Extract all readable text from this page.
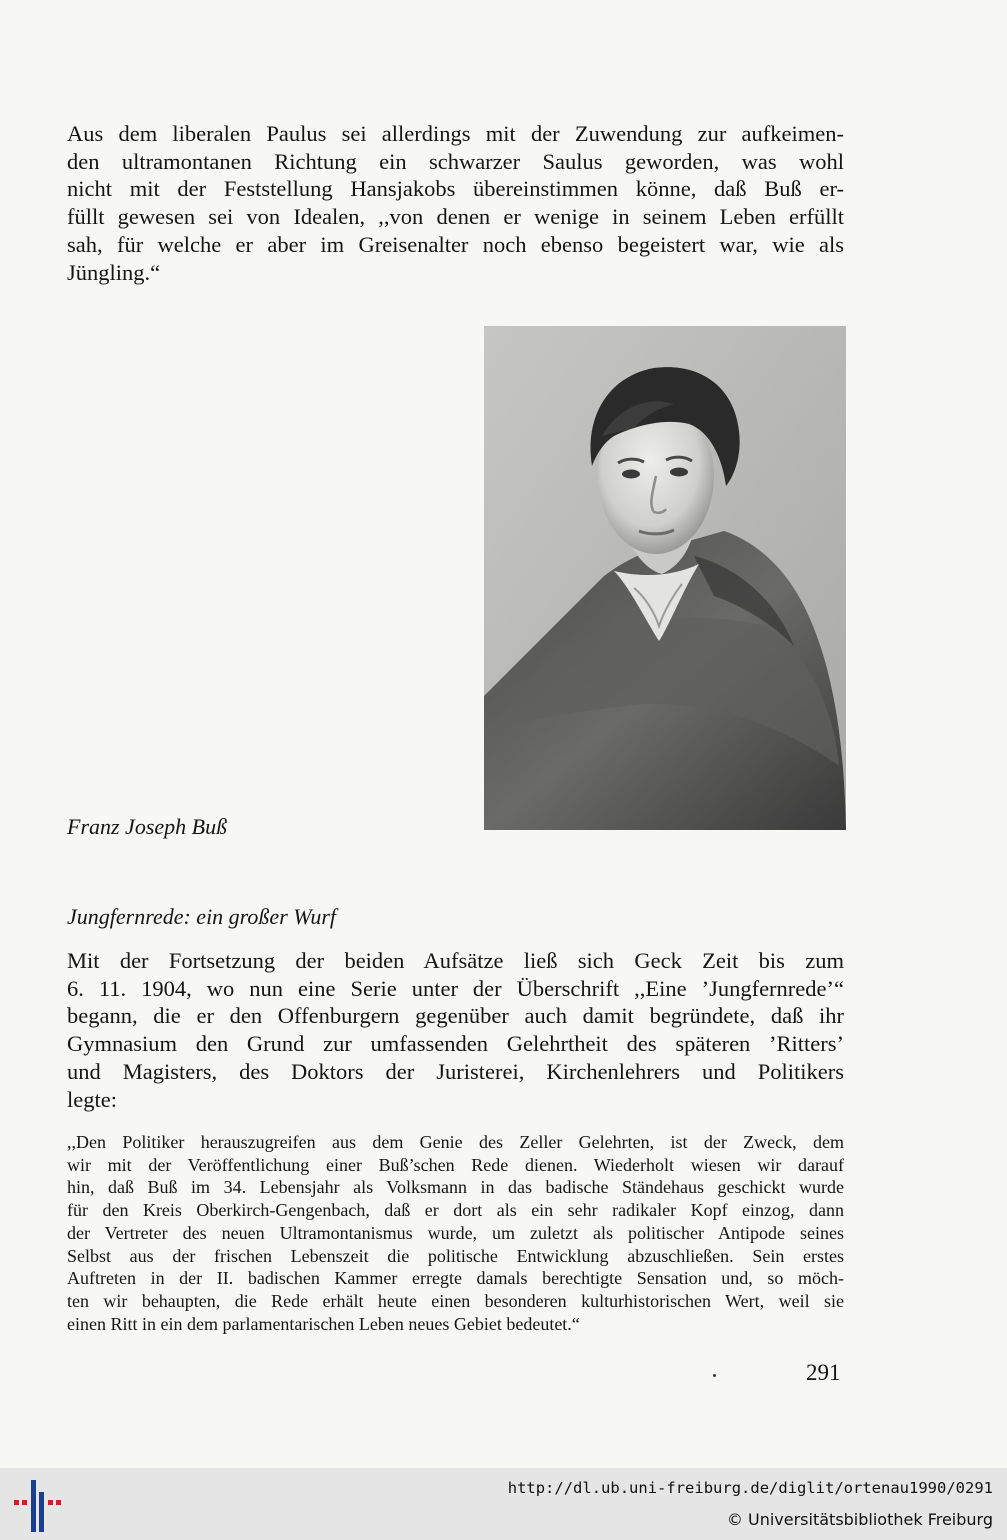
Aus dem liberalen Paulus sei allerdings mit der Zuwendung zur aufkeimen-
den ultramontanen Richtung ein schwarzer Saulus geworden, was wohl
nicht mit der Feststellung Hansjakobs übereinstimmen könne, daß Buß er-
füllt gewesen sei von Idealen, ,,von denen er wenige in seinem Leben erfüllt
sah, für welche er aber im Greisenalter noch ebenso begeistert war, wie als
Jüngling.“
Franz Joseph Buß
Jungfernrede: ein großer Wurf
Mit der Fortsetzung der beiden Aufsätze ließ sich Geck Zeit bis zum
6. 11. 1904, wo nun eine Serie unter der Überschrift ,,Eine ’Jungfernrede’“
begann, die er den Offenburgern gegenüber auch damit begründete, daß ihr
Gymnasium den Grund zur umfassenden Gelehrtheit des späteren ’Ritters’
und Magisters, des Doktors der Juristerei, Kirchenlehrers und Politikers
legte:
,,Den Politiker herauszugreifen aus dem Genie des Zeller Gelehrten, ist der Zweck, dem
wir mit der Veröffentlichung einer Buß’schen Rede dienen. Wiederholt wiesen wir darauf
hin, daß Buß im 34. Lebensjahr als Volksmann in das badische Ständehaus geschickt wurde
für den Kreis Oberkirch-Gengenbach, daß er dort als ein sehr radikaler Kopf einzog, dann
der Vertreter des neuen Ultramontanismus wurde, um zuletzt als politischer Antipode seines
Selbst aus der frischen Lebenszeit die politische Entwicklung abzuschließen. Sein erstes
Auftreten in der II. badischen Kammer erregte damals berechtigte Sensation und, so möch-
ten wir behaupten, die Rede erhält heute einen besonderen kulturhistorischen Wert, weil sie
einen Ritt in ein dem parlamentarischen Leben neues Gebiet bedeutet.“
291
http://dl.ub.uni-freiburg.de/diglit/ortenau1990/0291
© Universitätsbibliothek Freiburg
